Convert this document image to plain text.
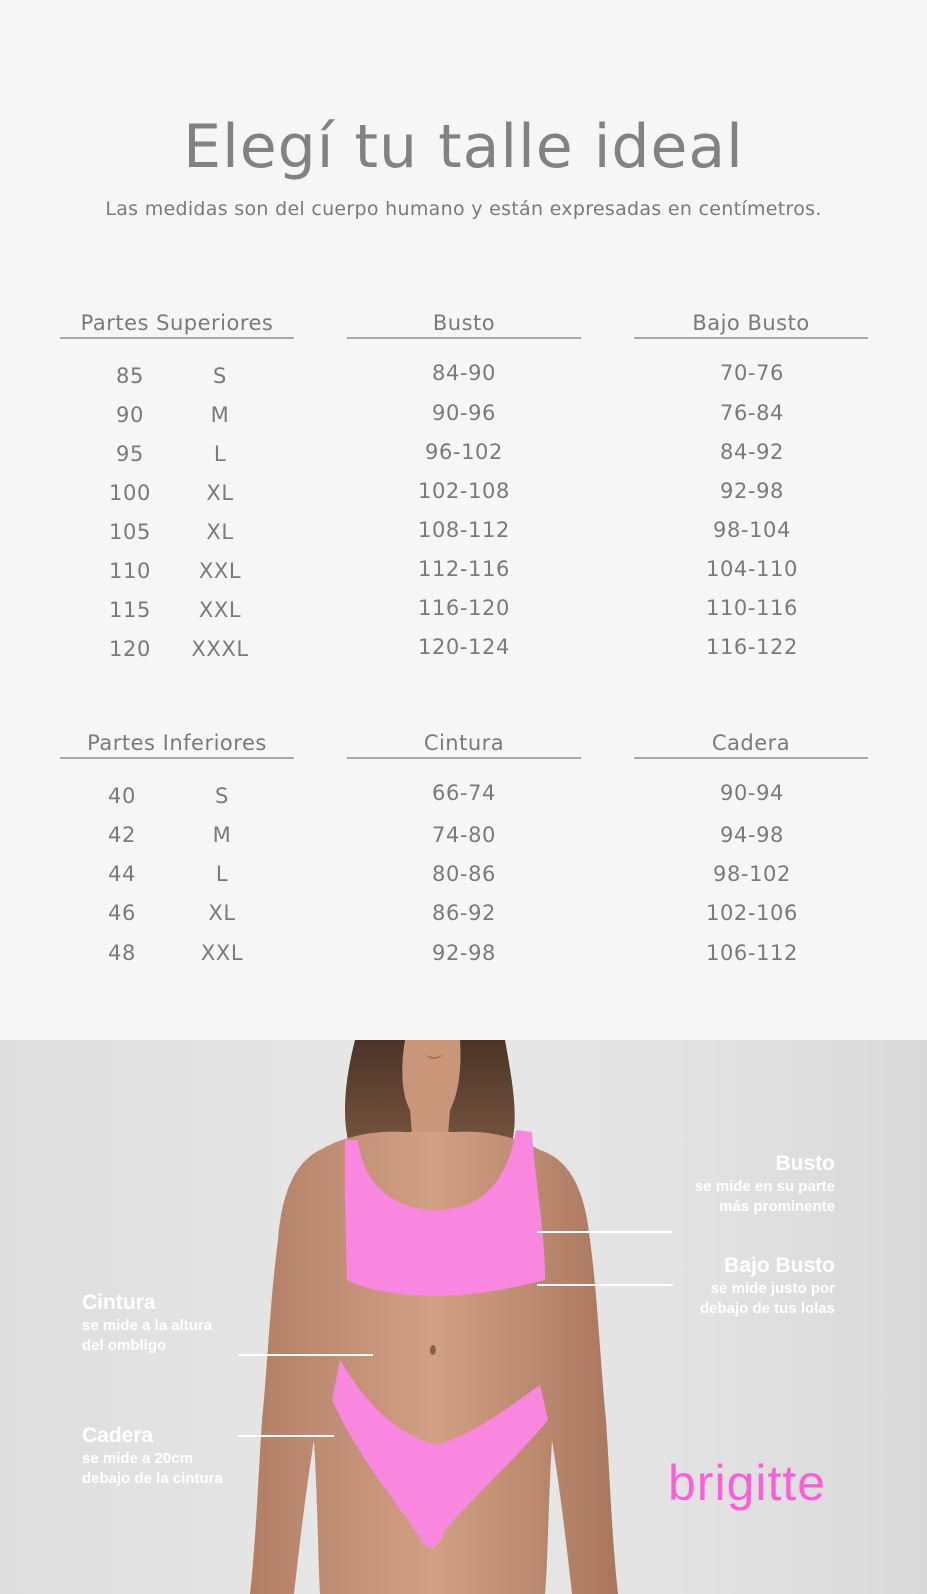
Elegí tu talle ideal

Las medidas son del cuerpo humano y están expresadas en centímetros.

Partes Superiores	Busto	Bajo Busto
85	S	84-90	70-76
90	M	90-96	76-84
95	L	96-102	84-92
100	XL	102-108	92-98
105	XL	108-112	98-104
110	XXL	112-116	104-110
115	XXL	116-120	110-116
120	XXXL	120-124	116-122
Partes Inferiores	Cintura	Cadera
40	S	66-74	90-94
42	M	74-80	94-98
44	L	80-86	98-102
46	XL	86-92	102-106
48	XXL	92-98	106-112
Busto
se mide en su parte
más prominente
Bajo Busto
se mide justo por
debajo de tus lolas
Cintura
se mide a la altura
del ombligo
Cadera
se mide a 20cm
debajo de la cintura	brigitte
